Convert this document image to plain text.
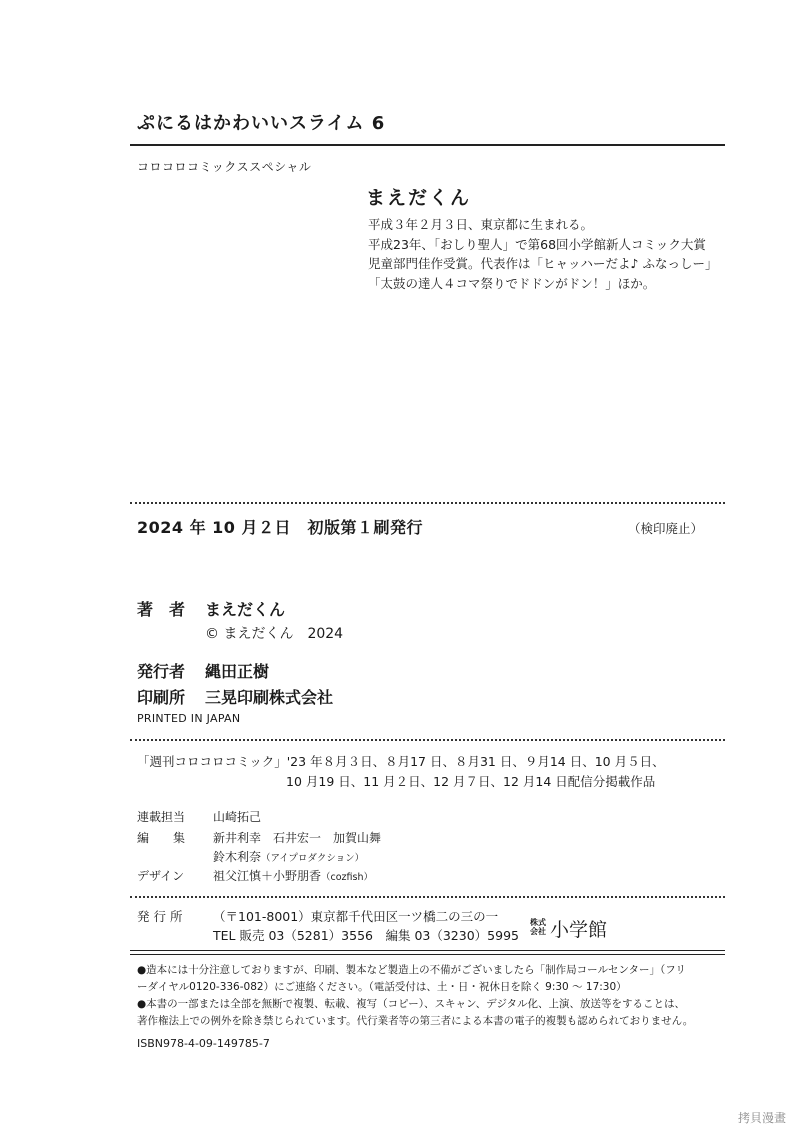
ぷにるはかわいいスライム 6
コロコロコミックススペシャル
まえだくん
平成３年２月３日、東京都に生まれる。
平成23年、「おしり聖人」で第68回小学館新人コミック大賞
児童部門佳作受賞。代表作は「ヒャッハーだよ♪ ふなっしー」
「太鼓の達人４コマ祭りでドドンがドン！」ほか。
2024 年 10 月２日　初版第１刷発行	（検印廃止）
著　者 まえだくん
© まえだくん　2024
発行者 縄田正樹
印刷所 三晃印刷株式会社
PRINTED IN JAPAN
「週刊コロコロコミック」'23 年８月３日、８月17 日、８月31 日、９月14 日、10 月５日、
10 月19 日、11 月２日、12 月７日、12 月14 日配信分掲載作品
連載担当 山崎拓己
編　　集 新井利幸　石井宏一　加賀山舞
鈴木利奈（アイプロダクション）
デザイン 祖父江慎＋小野朋香（cozfish）
発 行 所 （〒101-8001）東京都千代田区一ツ橋二の三の一
TEL 販売 03（5281）3556　編集 03（3230）5995
株式
会社 小学館
●造本には十分注意しておりますが、印刷、製本など製造上の不備がございましたら「制作局コールセンター」（フリ
ーダイヤル0120-336-082）にご連絡ください。（電話受付は、土・日・祝休日を除く 9:30 〜 17:30）
●本書の一部または全部を無断で複製、転載、複写（コピー）、スキャン、デジタル化、上演、放送等をすることは、
著作権法上での例外を除き禁じられています。代行業者等の第三者による本書の電子的複製も認められておりません。
ISBN978-4-09-149785-7
拷貝漫畫
